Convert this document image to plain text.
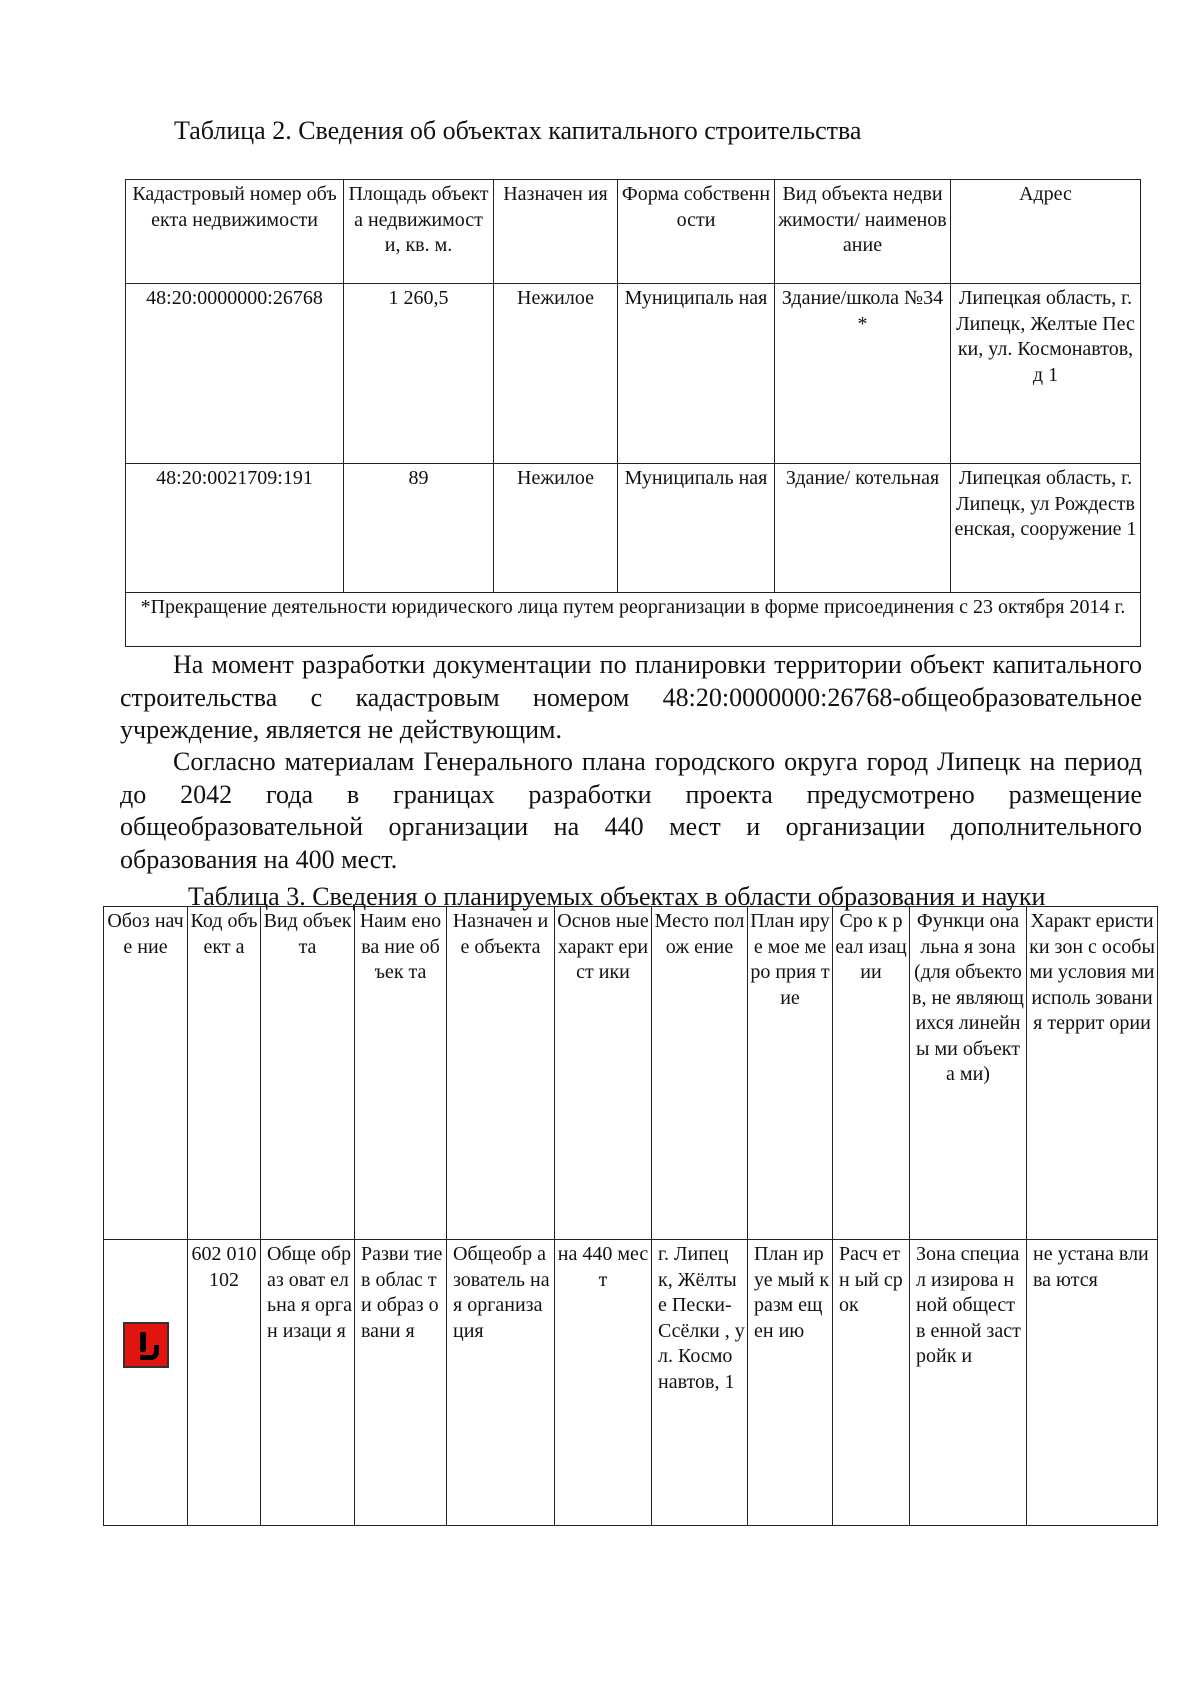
Таблица 2. Сведения об объектах капитального строительства
Кадастровый номер объекта недвижимости	Площадь объекта недвижимост и, кв. м.	Назначен ия	Форма собственности	Вид объекта недвижимости/ наименование	Адрес
48:20:0000000:26768	1 260,5	Нежилое	Муниципаль ная	Здание/школа №34*	Липецкая область, г. Липецк, Желтые Пески, ул. Космонавтов, д 1
48:20:0021709:191	89	Нежилое	Муниципаль ная	Здание/ котельная	Липецкая область, г. Липецк, ул Рождественская, сооружение 1
*Прекращение деятельности юридического лица путем реорганизации в форме присоединения с 23 октября 2014 г.					
На момент разработки документации по планировки территории объект капитального строительства с кадастровым номером 48:20:0000000:26768-общеобразовательное учреждение, является не действующим.
Согласно материалам Генерального плана городского округа город Липецк на период до 2042 года в границах разработки проекта предусмотрено размещение общеобразовательной организации на 440 мест и организации дополнительного образования на 400 мест.
Таблица 3. Сведения о планируемых объектах в области образования и науки
Обоз наче ние	Код объ ект а	Вид объек та	Наим енова ние объек та	Назначен ие объекта	Основ ные характ ерист ики	Место полож ение	План ируе мое меро прия тие	Сро к реал изац ии	Функци ональна я зона (для объекто в, не являющ ихся линейны ми объекта ми)	Характ еристи ки зон с особы ми условия ми исполь зовани я террит ории
	602 010 102	Обще образ оват ельна я орган изаци я	Разви тие в облас ти образ овани я	Общеобр азователь ная организа ция	на 440 мест	г. Липец к, Жёлты е Пески- Ссёлки , ул. Космо навтов, 1	План ируе мый к разм ещен ию	Расч етн ый срок	Зона специал изирова нной обществ енной застройк и	не устана влива ются
